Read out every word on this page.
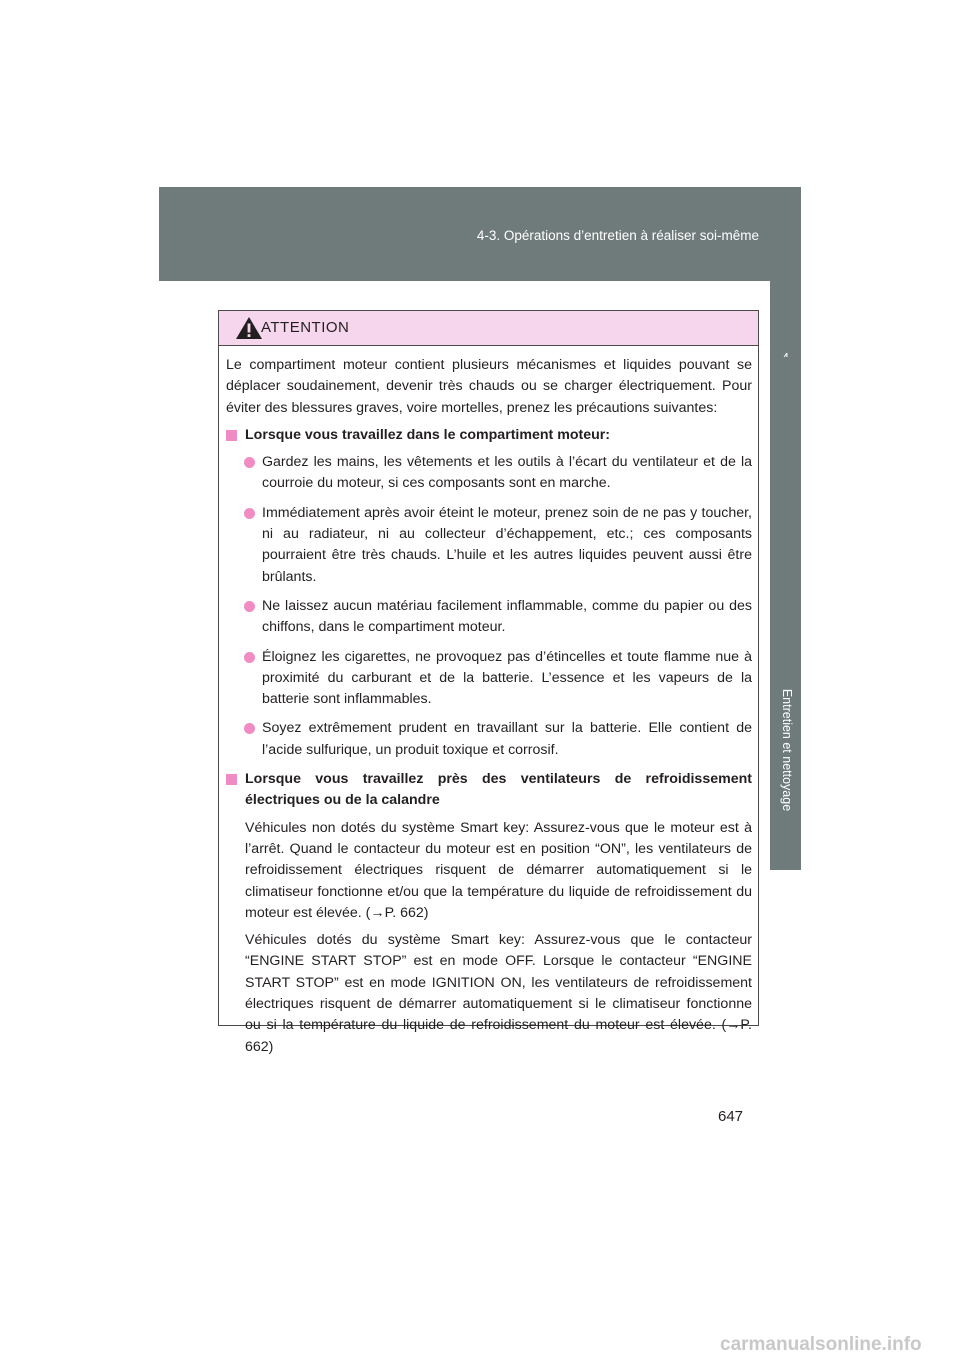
4-3. Opérations d’entretien à réaliser soi-même
Entretien et nettoyage
ATTENTION

Le compartiment moteur contient plusieurs mécanismes et liquides pouvant se déplacer soudainement, devenir très chauds ou se charger électriquement. Pour éviter des blessures graves, voire mortelles, prenez les précautions suivantes:

Lorsque vous travaillez dans le compartiment moteur:
Gardez les mains, les vêtements et les outils à l’écart du ventilateur et de la courroie du moteur, si ces composants sont en marche.
Immédiatement après avoir éteint le moteur, prenez soin de ne pas y toucher, ni au radiateur, ni au collecteur d’échappement, etc.; ces composants pourraient être très chauds. L’huile et les autres liquides peuvent aussi être brûlants.
Ne laissez aucun matériau facilement inflammable, comme du papier ou des chiffons, dans le compartiment moteur.
Éloignez les cigarettes, ne provoquez pas d’étincelles et toute flamme nue à proximité du carburant et de la batterie. L’essence et les vapeurs de la batterie sont inflammables.
Soyez extrêmement prudent en travaillant sur la batterie. Elle contient de l’acide sulfurique, un produit toxique et corrosif.
Lorsque vous travaillez près des ventilateurs de refroidissement électriques ou de la calandre

Véhicules non dotés du système Smart key: Assurez-vous que le moteur est à l’arrêt. Quand le contacteur du moteur est en position “ON”, les ventilateurs de refroidissement électriques risquent de démarrer automatiquement si le climatiseur fonctionne et/ou que la température du liquide de refroidissement du moteur est élevée. (→P. 662)

Véhicules dotés du système Smart key: Assurez-vous que le contacteur “ENGINE START STOP” est en mode OFF. Lorsque le contacteur “ENGINE START STOP” est en mode IGNITION ON, les ventilateurs de refroidissement électriques risquent de démarrer automatiquement si le climatiseur fonctionne ou si la température du liquide de refroidissement du moteur est élevée. (→P. 662)

647
carmanualsonline.info
